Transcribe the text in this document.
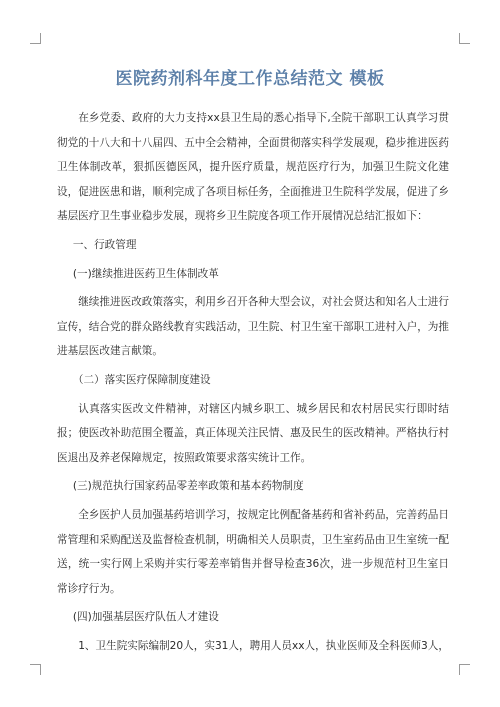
医院药剂科年度工作总结范文 模板

在乡党委、政府的大力支持xx县卫生局的悉心指导下,全院干部职工认真学习贯彻党的十八大和十八届四、五中全会精神，全面贯彻落实科学发展观，稳步推进医药卫生体制改革，狠抓医德医风，提升医疗质量，规范医疗行为，加强卫生院文化建设，促进医患和谐，顺利完成了各项目标任务，全面推进卫生院科学发展，促进了乡基层医疗卫生事业稳步发展，现将乡卫生院度各项工作开展情况总结汇报如下：

一、行政管理

(一)继续推进医药卫生体制改革

继续推进医改政策落实，利用乡召开各种大型会议，对社会贤达和知名人士进行宣传，结合党的群众路线教育实践活动，卫生院、村卫生室干部职工进村入户，为推进基层医改建言献策。

（二）落实医疗保障制度建设

认真落实医改文件精神，对辖区内城乡职工、城乡居民和农村居民实行即时结报；使医改补助范围全覆盖，真正体现关注民情、惠及民生的医改精神。严格执行村医退出及养老保障规定，按照政策要求落实统计工作。

(三)规范执行国家药品零差率政策和基本药物制度

全乡医护人员加强基药培训学习，按规定比例配备基药和省补药品，完善药品日常管理和采购配送及监督检查机制，明确相关人员职责，卫生室药品由卫生室统一配送，统一实行网上采购并实行零差率销售并督导检查36次，进一步规范村卫生室日常诊疗行为。

(四)加强基层医疗队伍人才建设

1、卫生院实际编制20人，实31人，聘用人员xx人，执业医师及全科医师3人，
